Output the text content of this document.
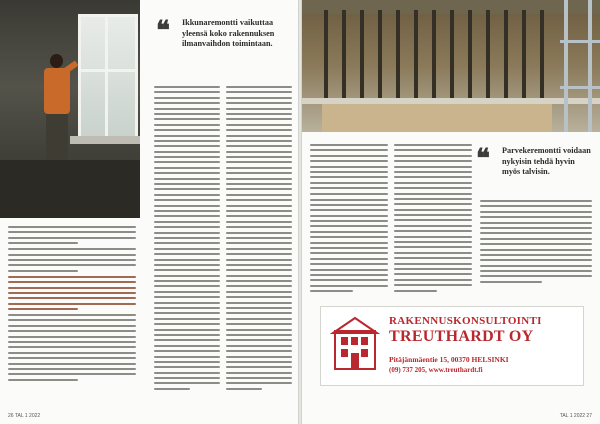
❝	Ikkunaremontti vaikuttaa yleensä koko rakennuksen ilmanvaihdon toimintaan.
26 TAL 1 2022
❝	Parvekeremontti voidaan nykyisin tehdä hyvin myös talvisin.
RAKENNUSKONSULTOINTI
TREUTHARDT OY
Pitäjänmäentie 15, 00370 HELSINKI
(09) 737 205, www.treuthardt.fi
TAL 1 2022 27
